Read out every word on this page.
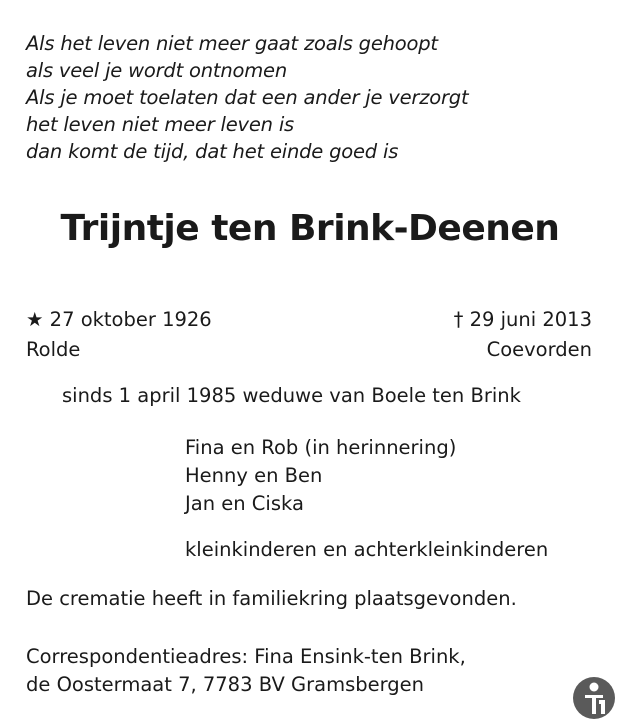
Als het leven niet meer gaat zoals gehoopt
als veel je wordt ontnomen
Als je moet toelaten dat een ander je verzorgt
het leven niet meer leven is
dan komt de tijd, dat het einde goed is
Trijntje ten Brink-Deenen
★ 27 oktober 1926
Rolde
† 29 juni 2013
Coevorden
sinds 1 april 1985 weduwe van Boele ten Brink
Fina en Rob (in herinnering)
Henny en Ben
Jan en Ciska
kleinkinderen en achterkleinkinderen
De crematie heeft in familiekring plaatsgevonden.
Correspondentieadres: Fina Ensink-ten Brink,
de Oostermaat 7, 7783 BV Gramsbergen
